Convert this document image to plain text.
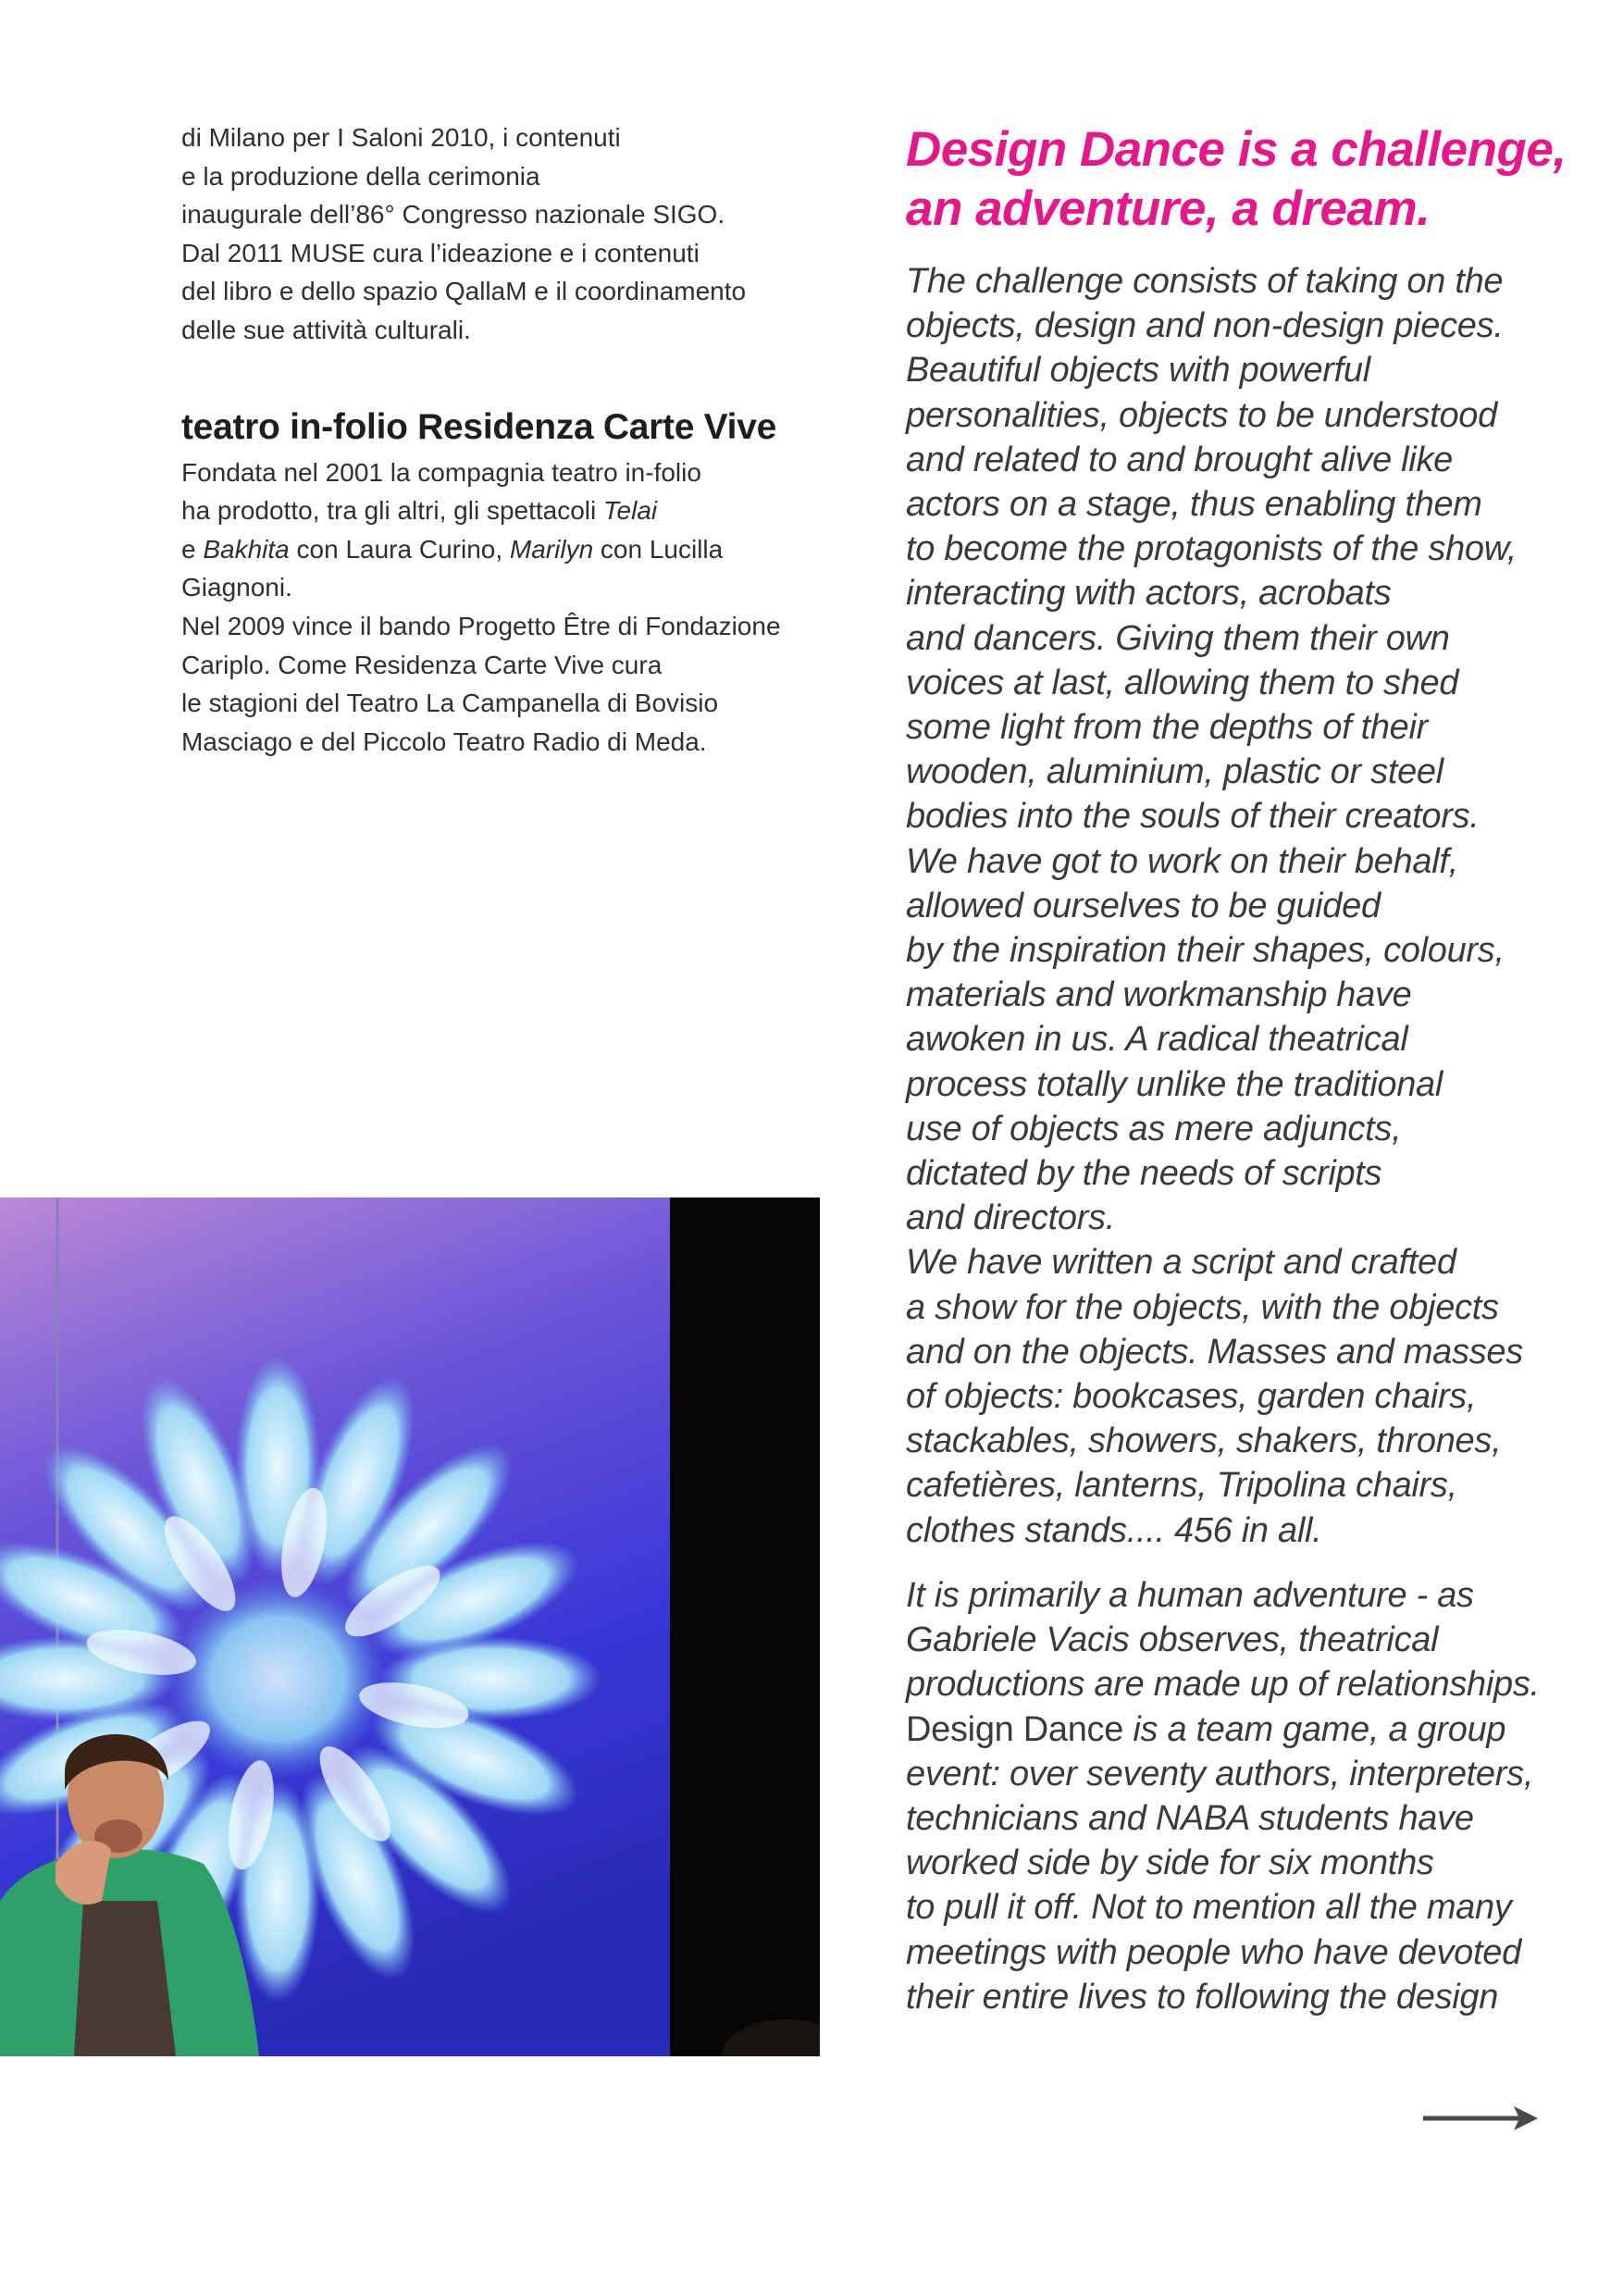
di Milano per I Saloni 2010, i contenuti
e la produzione della cerimonia
inaugurale dell’86° Congresso nazionale SIGO.
Dal 2011 MUSE cura l’ideazione e i contenuti
del libro e dello spazio QallaM e il coordinamento
delle sue attività culturali.

teatro in-folio Residenza Carte Vive

Fondata nel 2001 la compagnia teatro in-folio
ha prodotto, tra gli altri, gli spettacoli Telai
e Bakhita con Laura Curino, Marilyn con Lucilla
Giagnoni.
Nel 2009 vince il bando Progetto Être di Fondazione
Cariplo. Come Residenza Carte Vive cura
le stagioni del Teatro La Campanella di Bovisio
Masciago e del Piccolo Teatro Radio di Meda.

Design Dance is a challenge,
an adventure, a dream.

The challenge consists of taking on the
objects, design and non-design pieces.
Beautiful objects with powerful
personalities, objects to be understood
and related to and brought alive like
actors on a stage, thus enabling them
to become the protagonists of the show,
interacting with actors, acrobats
and dancers. Giving them their own
voices at last, allowing them to shed
some light from the depths of their
wooden, aluminium, plastic or steel
bodies into the souls of their creators.
We have got to work on their behalf,
allowed ourselves to be guided
by the inspiration their shapes, colours,
materials and workmanship have
awoken in us. A radical theatrical
process totally unlike the traditional
use of objects as mere adjuncts,
dictated by the needs of scripts
and directors.
We have written a script and crafted
a show for the objects, with the objects
and on the objects. Masses and masses
of objects: bookcases, garden chairs,
stackables, showers, shakers, thrones,
cafetières, lanterns, Tripolina chairs,
clothes stands.... 456 in all.

It is primarily a human adventure - as
Gabriele Vacis observes, theatrical
productions are made up of relationships.
Design Dance is a team game, a group
event: over seventy authors, interpreters,
technicians and NABA students have
worked side by side for six months
to pull it off. Not to mention all the many
meetings with people who have devoted
their entire lives to following the design
